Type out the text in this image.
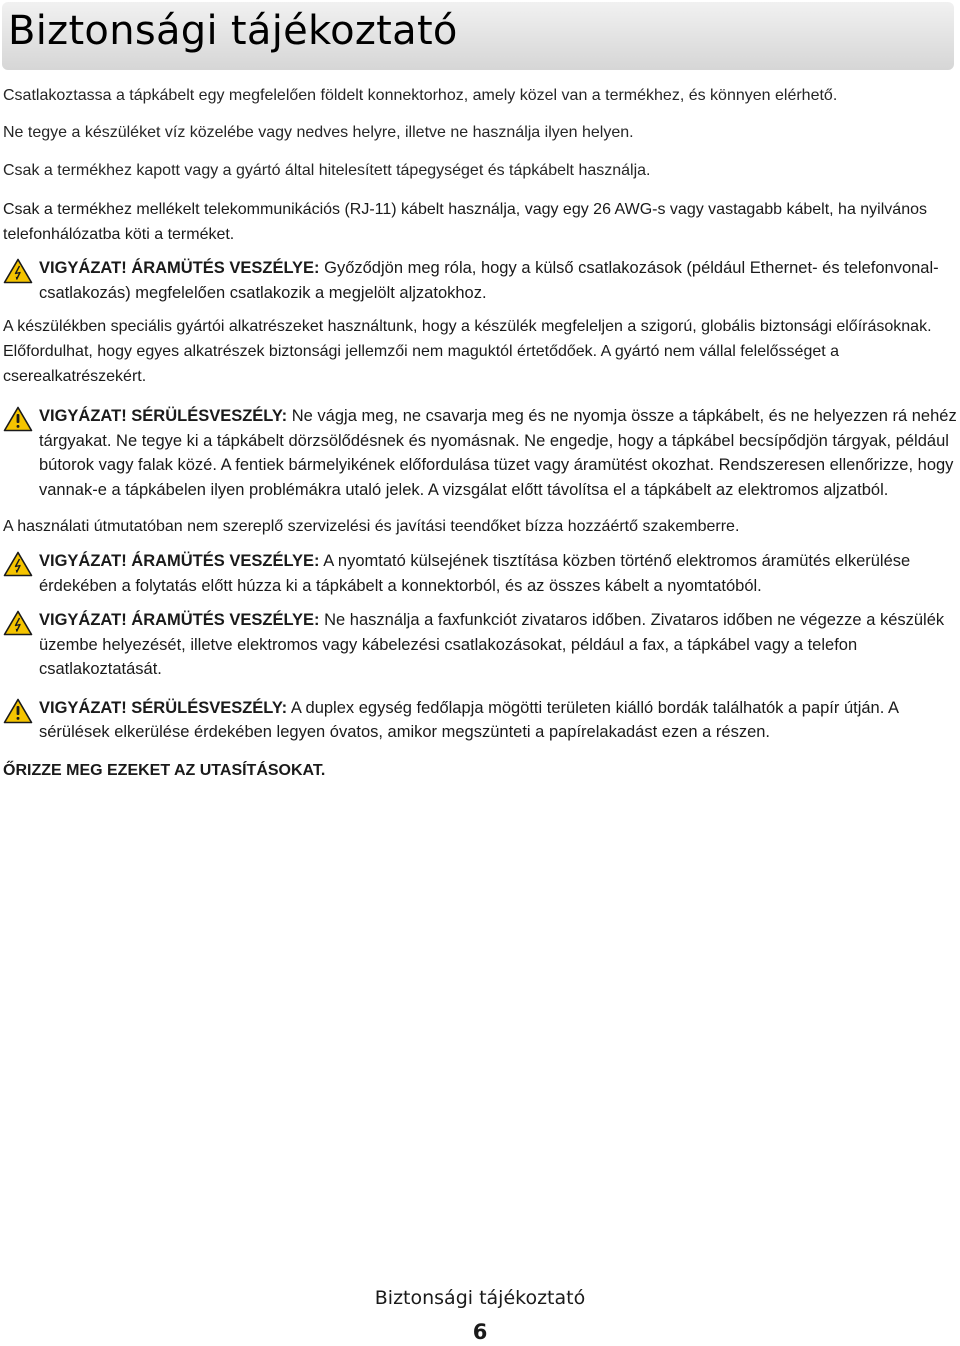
Biztonsági tájékoztató

Csatlakoztassa a tápkábelt egy megfelelően földelt konnektorhoz, amely közel van a termékhez, és könnyen elérhető.

Ne tegye a készüléket víz közelébe vagy nedves helyre, illetve ne használja ilyen helyen.

Csak a termékhez kapott vagy a gyártó által hitelesített tápegységet és tápkábelt használja.

Csak a termékhez mellékelt telekommunikációs (RJ-11) kábelt használja, vagy egy 26 AWG-s vagy vastagabb kábelt, ha nyilvános telefonhálózatba köti a terméket.

VIGYÁZAT! ÁRAMÜTÉS VESZÉLYE: Győződjön meg róla, hogy a külső csatlakozások (például Ethernet- és telefonvonal-csatlakozás) megfelelően csatlakozik a megjelölt aljzatokhoz.

A készülékben speciális gyártói alkatrészeket használtunk, hogy a készülék megfeleljen a szigorú, globális biztonsági előírásoknak. Előfordulhat, hogy egyes alkatrészek biztonsági jellemzői nem maguktól értetődőek. A gyártó nem vállal felelősséget a cserealkatrészekért.

VIGYÁZAT! SÉRÜLÉSVESZÉLY: Ne vágja meg, ne csavarja meg és ne nyomja össze a tápkábelt, és ne helyezzen rá nehéz tárgyakat. Ne tegye ki a tápkábelt dörzsölődésnek és nyomásnak. Ne engedje, hogy a tápkábel becsípődjön tárgyak, például bútorok vagy falak közé. A fentiek bármelyikének előfordulása tüzet vagy áramütést okozhat. Rendszeresen ellenőrizze, hogy vannak-e a tápkábelen ilyen problémákra utaló jelek. A vizsgálat előtt távolítsa el a tápkábelt az elektromos aljzatból.

A használati útmutatóban nem szereplő szervizelési és javítási teendőket bízza hozzáértő szakemberre.

VIGYÁZAT! ÁRAMÜTÉS VESZÉLYE: A nyomtató külsejének tisztítása közben történő elektromos áramütés elkerülése érdekében a folytatás előtt húzza ki a tápkábelt a konnektorból, és az összes kábelt a nyomtatóból.

VIGYÁZAT! ÁRAMÜTÉS VESZÉLYE: Ne használja a faxfunkciót zivataros időben. Zivataros időben ne végezze a készülék üzembe helyezését, illetve elektromos vagy kábelezési csatlakozásokat, például a fax, a tápkábel vagy a telefon csatlakoztatását.

VIGYÁZAT! SÉRÜLÉSVESZÉLY: A duplex egység fedőlapja mögötti területen kiálló bordák találhatók a papír útján. A sérülések elkerülése érdekében legyen óvatos, amikor megszünteti a papírelakadást ezen a részen.

ŐRIZZE MEG EZEKET AZ UTASÍTÁSOKAT.

Biztonsági tájékoztató
6
